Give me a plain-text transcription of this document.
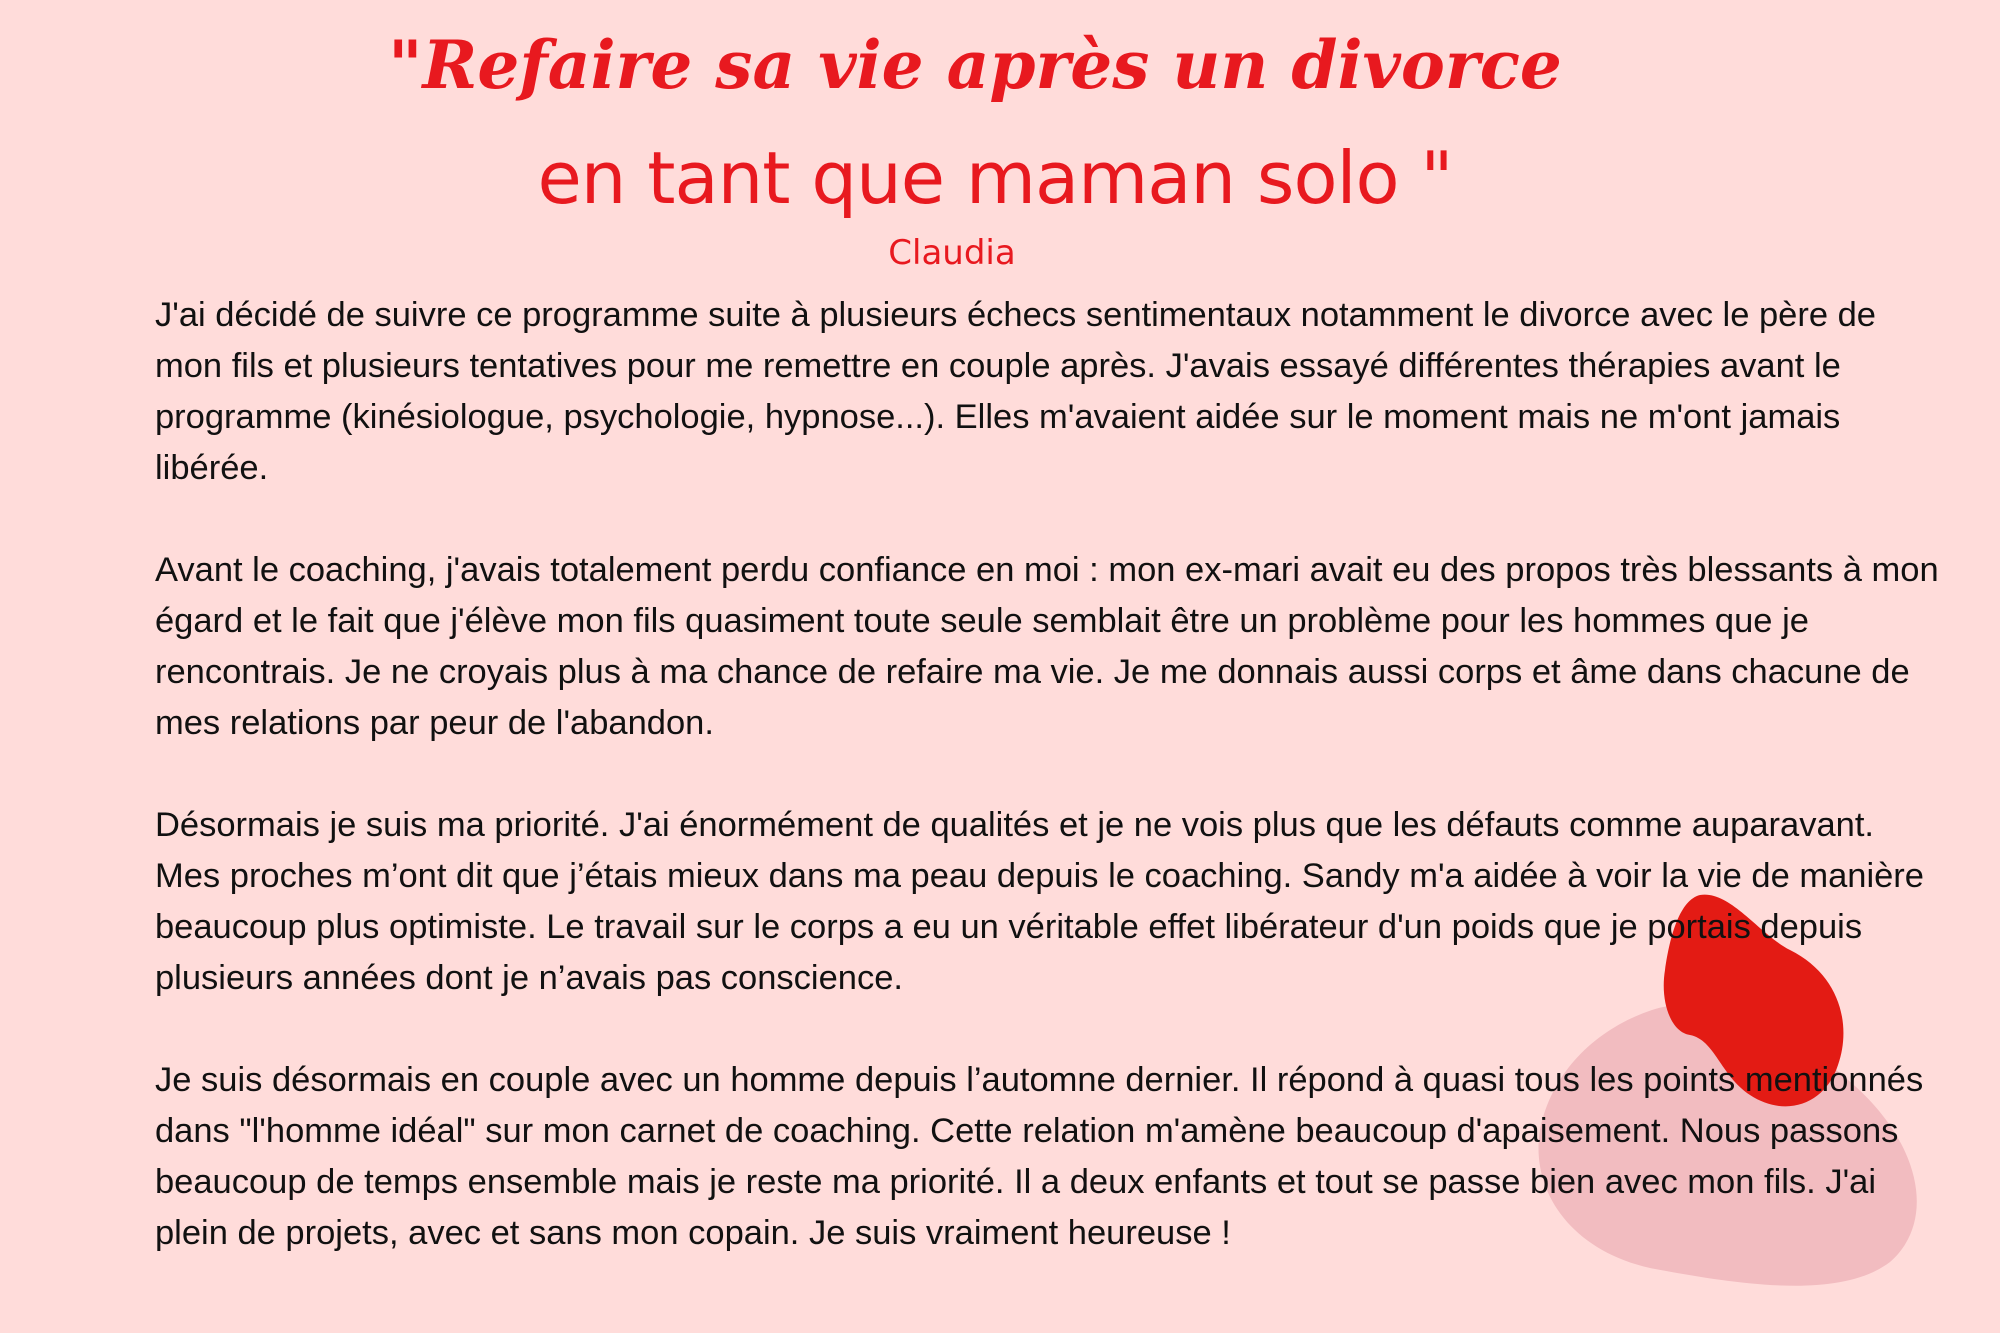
"Refaire sa vie après un divorce
en tant que maman solo "
Claudia

J'ai décidé de suivre ce programme suite à plusieurs échecs sentimentaux notamment le divorce avec le père de mon fils et plusieurs tentatives pour me remettre en couple après. J'avais essayé différentes thérapies avant le programme (kinésiologue, psychologie, hypnose...). Elles m'avaient aidée sur le moment mais ne m'ont jamais libérée.

Avant le coaching, j'avais totalement perdu confiance en moi : mon ex-mari avait eu des propos très blessants à mon égard et le fait que j'élève mon fils quasiment toute seule semblait être un problème pour les hommes que je rencontrais. Je ne croyais plus à ma chance de refaire ma vie. Je me donnais aussi corps et âme dans chacune de mes relations par peur de l'abandon.

Désormais je suis ma priorité. J'ai énormément de qualités et je ne vois plus que les défauts comme auparavant. Mes proches m’ont dit que j’étais mieux dans ma peau depuis le coaching. Sandy m'a aidée à voir la vie de manière beaucoup plus optimiste. Le travail sur le corps a eu un véritable effet libérateur d'un poids que je portais depuis plusieurs années dont je n’avais pas conscience.

Je suis désormais en couple avec un homme depuis l’automne dernier. Il répond à quasi tous les points mentionnés dans "l'homme idéal" sur mon carnet de coaching. Cette relation m'amène beaucoup d'apaisement. Nous passons beaucoup de temps ensemble mais je reste ma priorité. Il a deux enfants et tout se passe bien avec mon fils. J'ai plein de projets, avec et sans mon copain. Je suis vraiment heureuse !
